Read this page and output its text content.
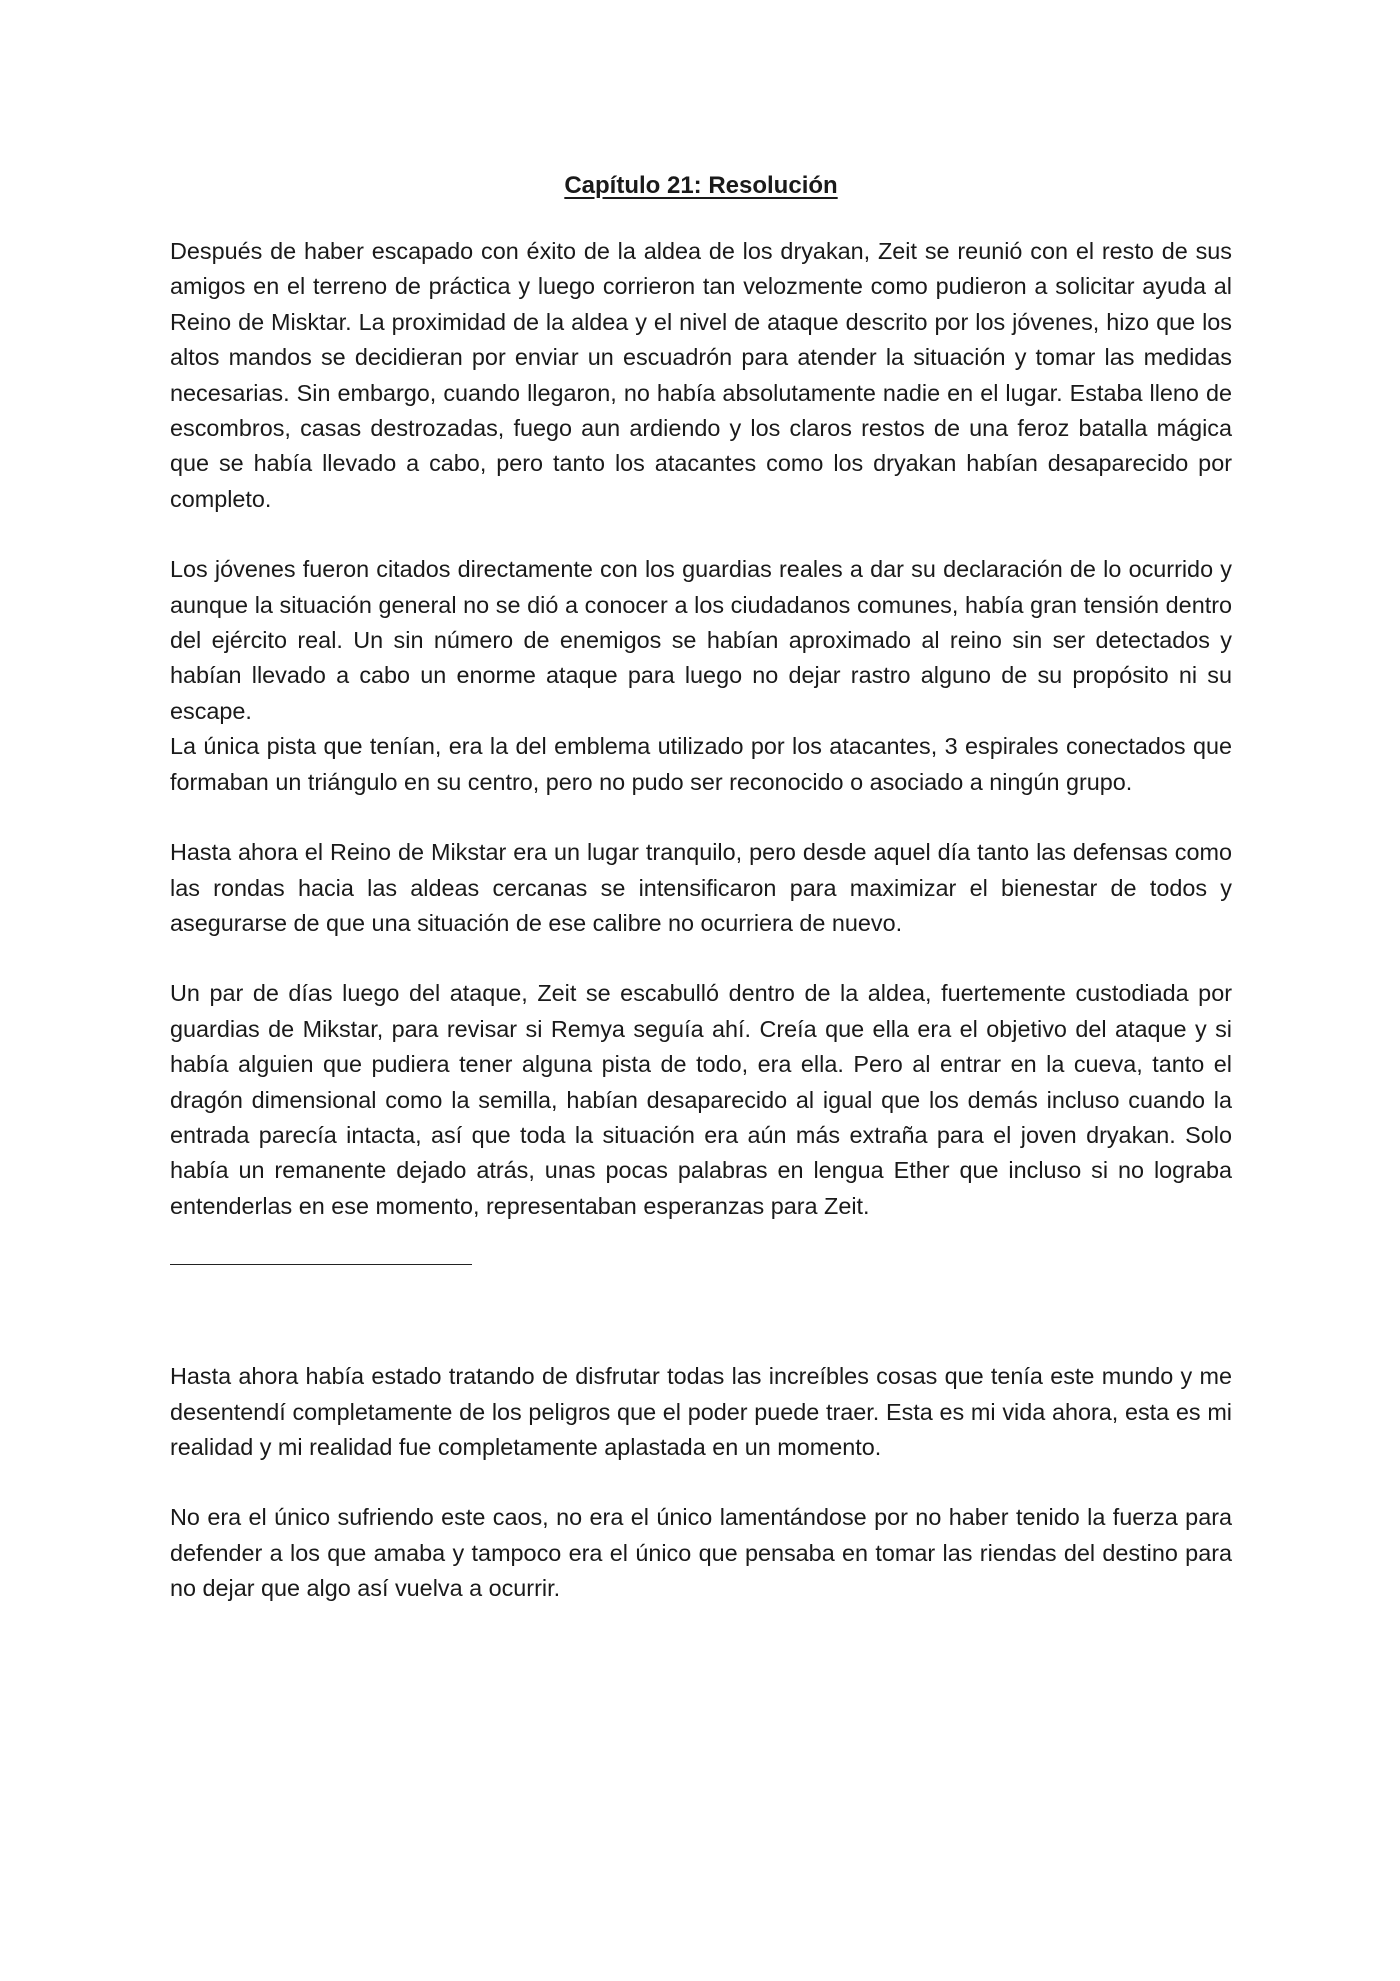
Capítulo 21: Resolución

Después de haber escapado con éxito de la aldea de los dryakan, Zeit se reunió con el resto de sus amigos en el terreno de práctica y luego corrieron tan velozmente como pudieron a solicitar ayuda al Reino de Misktar. La proximidad de la aldea y el nivel de ataque descrito por los jóvenes, hizo que los altos mandos se decidieran por enviar un escuadrón para atender la situación y tomar las medidas necesarias. Sin embargo, cuando llegaron, no había absolutamente nadie en el lugar. Estaba lleno de escombros, casas destrozadas, fuego aun ardiendo y los claros restos de una feroz batalla mágica que se había llevado a cabo, pero tanto los atacantes como los dryakan habían desaparecido por completo.

Los jóvenes fueron citados directamente con los guardias reales a dar su declaración de lo ocurrido y aunque la situación general no se dió a conocer a los ciudadanos comunes, había gran tensión dentro del ejército real. Un sin número de enemigos se habían aproximado al reino sin ser detectados y habían llevado a cabo un enorme ataque para luego no dejar rastro alguno de su propósito ni su escape.

La única pista que tenían, era la del emblema utilizado por los atacantes, 3 espirales conectados que formaban un triángulo en su centro, pero no pudo ser reconocido o asociado a ningún grupo.

Hasta ahora el Reino de Mikstar era un lugar tranquilo, pero desde aquel día tanto las defensas como las rondas hacia las aldeas cercanas se intensificaron para maximizar el bienestar de todos y asegurarse de que una situación de ese calibre no ocurriera de nuevo.

Un par de días luego del ataque, Zeit se escabulló dentro de la aldea, fuertemente custodiada por guardias de Mikstar, para revisar si Remya seguía ahí. Creía que ella era el objetivo del ataque y si había alguien que pudiera tener alguna pista de todo, era ella. Pero al entrar en la cueva, tanto el dragón dimensional como la semilla, habían desaparecido al igual que los demás incluso cuando la entrada parecía intacta, así que toda la situación era aún más extraña para el joven dryakan. Solo había un remanente dejado atrás, unas pocas palabras en lengua Ether que incluso si no lograba entenderlas en ese momento, representaban esperanzas para Zeit.

Hasta ahora había estado tratando de disfrutar todas las increíbles cosas que tenía este mundo y me desentendí completamente de los peligros que el poder puede traer. Esta es mi vida ahora, esta es mi realidad y mi realidad fue completamente aplastada en un momento.

No era el único sufriendo este caos, no era el único lamentándose por no haber tenido la fuerza para defender a los que amaba y tampoco era el único que pensaba en tomar las riendas del destino para no dejar que algo así vuelva a ocurrir.
